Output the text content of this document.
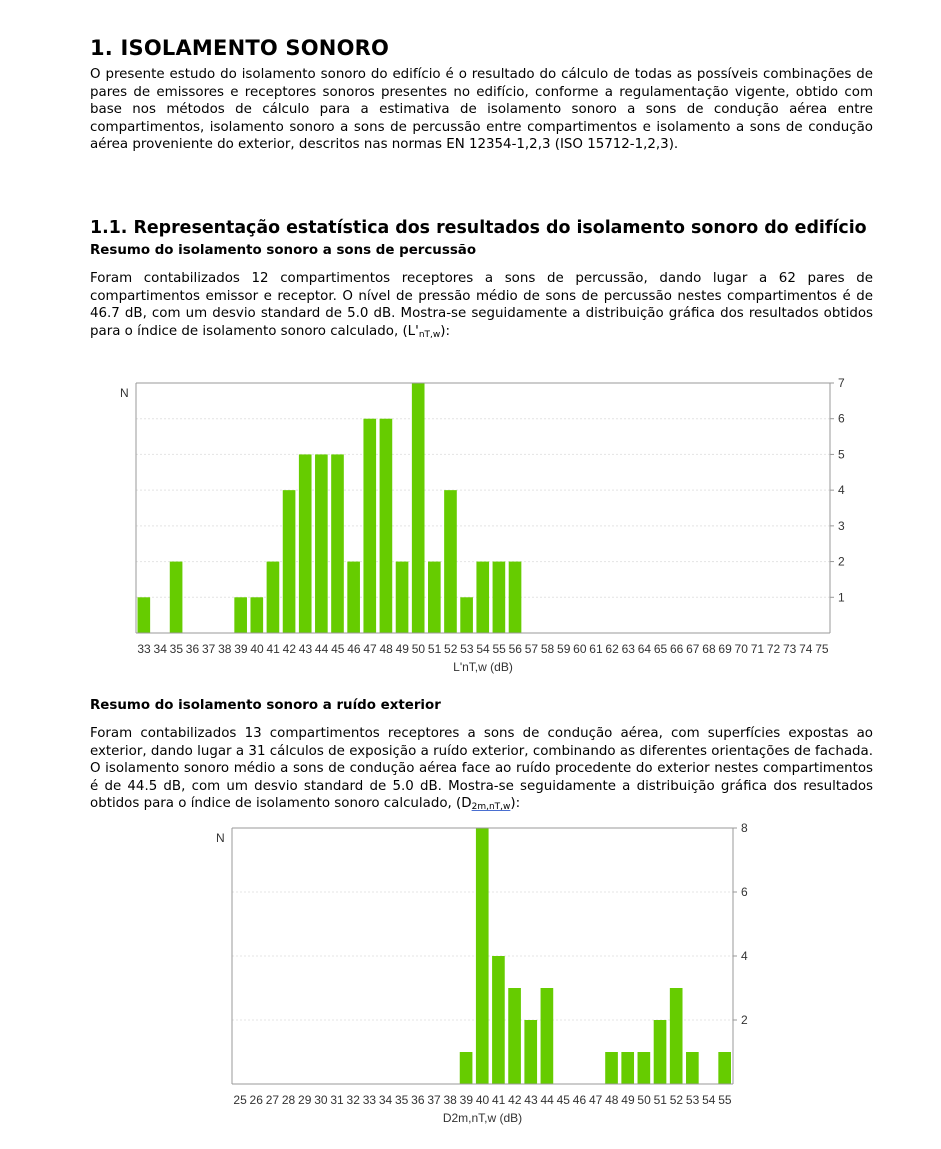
1. ISOLAMENTO SONORO

O presente estudo do isolamento sonoro do edifício é o resultado do cálculo de todas as possíveis combinações de pares de emissores e receptores sonoros presentes no edifício, conforme a regulamentação vigente, obtido com base nos métodos de cálculo para a estimativa de isolamento sonoro a sons de condução aérea entre compartimentos, isolamento sonoro a sons de percussão entre compartimentos e isolamento a sons de condução aérea proveniente do exterior, descritos nas normas EN 12354-1,2,3 (ISO 15712-1,2,3).

1.1. Representação estatística dos resultados do isolamento sonoro do edifício
Resumo do isolamento sonoro a sons de percussão

Foram contabilizados 12 compartimentos receptores a sons de percussão, dando lugar a 62 pares de compartimentos emissor e receptor. O nível de pressão médio de sons de percussão nestes compartimentos é de 46.7 dB, com um desvio standard de 5.0 dB. Mostra-se seguidamente a distribuição gráfica dos resultados obtidos para o índice de isolamento sonoro calculado, $(L'_{nT,w})$:

1
2
3
4
5
6
7
33 34 35 36 37 38 39 40 41 42 43 44 45 46 47 48 49 50 51 52 53 54 55 56 57 58 59 60 61 62 63 64 65 66 67 68 69 70 71 72 73 74 75
N
L'nT,w (dB)
Resumo do isolamento sonoro a ruído exterior

Foram contabilizados 13 compartimentos receptores a sons de condução aérea, com superfícies expostas ao exterior, dando lugar a 31 cálculos de exposição a ruído exterior, combinando as diferentes orientações de fachada. O isolamento sonoro médio a sons de condução aérea face ao ruído procedente do exterior nestes compartimentos é de 44.5 dB, com um desvio standard de 5.0 dB. Mostra-se seguidamente a distribuição gráfica dos resultados obtidos para o índice de isolamento sonoro calculado, (D2m,nT,w):

2
4
6
8
25 26 27 28 29 30 31 32 33 34 35 36 37 38 39 40 41 42 43 44 45 46 47 48 49 50 51 52 53 54 55
N
D2m,nT,w (dB)
